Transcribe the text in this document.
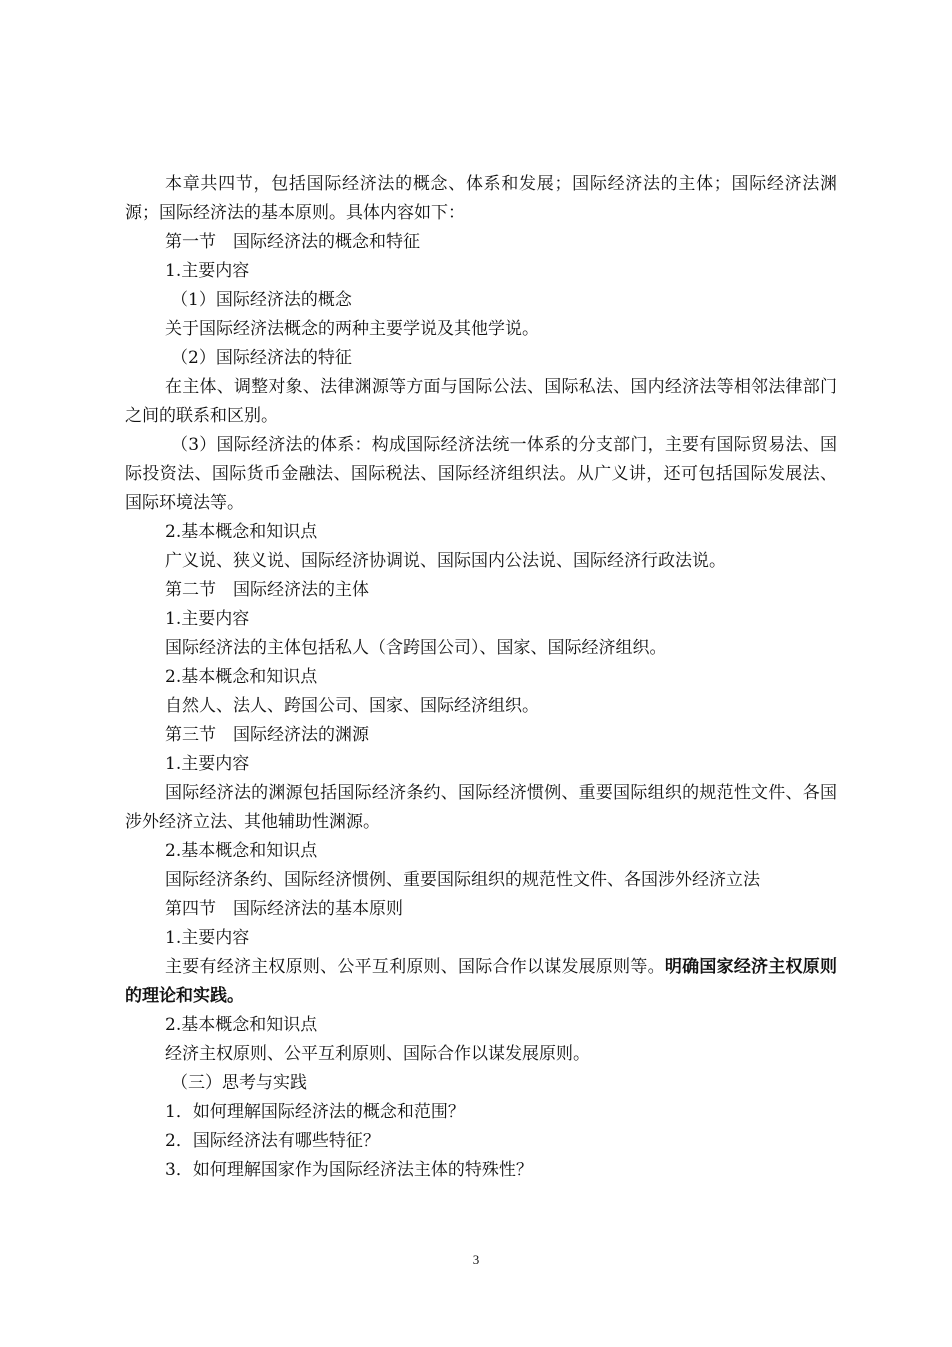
本章共四节，包括国际经济法的概念、体系和发展；国际经济法的主体；国际经济法渊源；国际经济法的基本原则。具体内容如下：
第一节　国际经济法的概念和特征
1.主要内容
（1）国际经济法的概念
关于国际经济法概念的两种主要学说及其他学说。
（2）国际经济法的特征
在主体、调整对象、法律渊源等方面与国际公法、国际私法、国内经济法等相邻法律部门之间的联系和区别。
（3）国际经济法的体系：构成国际经济法统一体系的分支部门，主要有国际贸易法、国际投资法、国际货币金融法、国际税法、国际经济组织法。从广义讲，还可包括国际发展法、国际环境法等。
2.基本概念和知识点
广义说、狭义说、国际经济协调说、国际国内公法说、国际经济行政法说。
第二节　国际经济法的主体
1.主要内容
国际经济法的主体包括私人（含跨国公司）、国家、国际经济组织。
2.基本概念和知识点
自然人、法人、跨国公司、国家、国际经济组织。
第三节　国际经济法的渊源
1.主要内容
国际经济法的渊源包括国际经济条约、国际经济惯例、重要国际组织的规范性文件、各国涉外经济立法、其他辅助性渊源。
2.基本概念和知识点
国际经济条约、国际经济惯例、重要国际组织的规范性文件、各国涉外经济立法
第四节　国际经济法的基本原则
1.主要内容
主要有经济主权原则、公平互利原则、国际合作以谋发展原则等。明确国家经济主权原则的理论和实践。
2.基本概念和知识点
经济主权原则、公平互利原则、国际合作以谋发展原则。
（三）思考与实践
1．如何理解国际经济法的概念和范围？
2．国际经济法有哪些特征？
3．如何理解国家作为国际经济法主体的特殊性？
3
